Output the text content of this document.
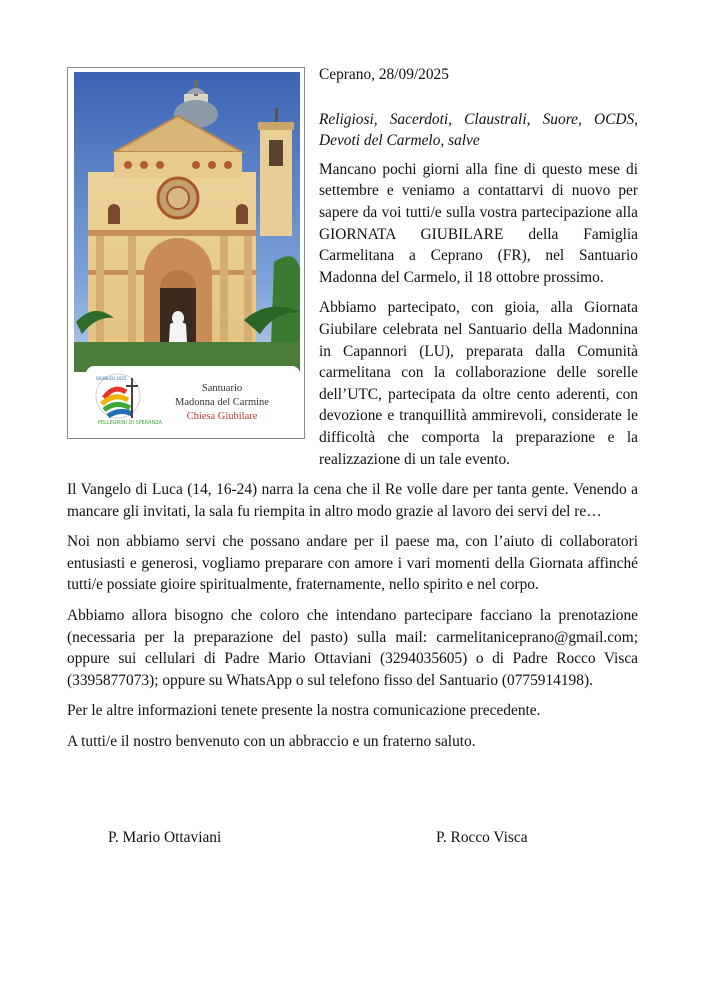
PELLEGRINI DI SPERANZA
GIUBILEO 2025
Santuario
Madonna del Carmine
Chiesa Giubilare

Ceprano, 28/09/2025

Religiosi, Sacerdoti, Claustrali, Suore, OCDS, Devoti del Carmelo, salve

Mancano pochi giorni alla fine di questo mese di settembre e veniamo a contattarvi di nuovo per sapere da voi tutti/e sulla vostra partecipazione alla GIORNATA GIUBILARE della Famiglia Carmelitana a Ceprano (FR), nel Santuario Madonna del Carmelo, il 18 ottobre prossimo.

Abbiamo partecipato, con gioia, alla Giornata Giubilare celebrata nel Santuario della Madonnina in Capannori (LU), preparata dalla Comunità carmelitana con la collaborazione delle sorelle dell’UTC, partecipata da oltre cento aderenti, con devozione e tranquillità ammirevoli, considerate le difficoltà che comporta la preparazione e la realizzazione di un tale evento.

Il Vangelo di Luca (14, 16-24) narra la cena che il Re volle dare per tanta gente. Venendo a mancare gli invitati, la sala fu riempita in altro modo grazie al lavoro dei servi del re…

Noi non abbiamo servi che possano andare per il paese ma, con l’aiuto di collaboratori entusiasti e generosi, vogliamo preparare con amore i vari momenti della Giornata affinché tutti/e possiate gioire spiritualmente, fraternamente, nello spirito e nel corpo.

Abbiamo allora bisogno che coloro che intendano partecipare facciano la prenotazione (necessaria per la preparazione del pasto) sulla mail: carmelitaniceprano@gmail.com; oppure sui cellulari di Padre Mario Ottaviani (3294035605) o di Padre Rocco Visca (3395877073); oppure su WhatsApp o sul telefono fisso del Santuario (0775914198).

Per le altre informazioni tenete presente la nostra comunicazione precedente.

A tutti/e il nostro benvenuto con un abbraccio e un fraterno saluto.

P. Mario Ottaviani	P. Rocco Visca
